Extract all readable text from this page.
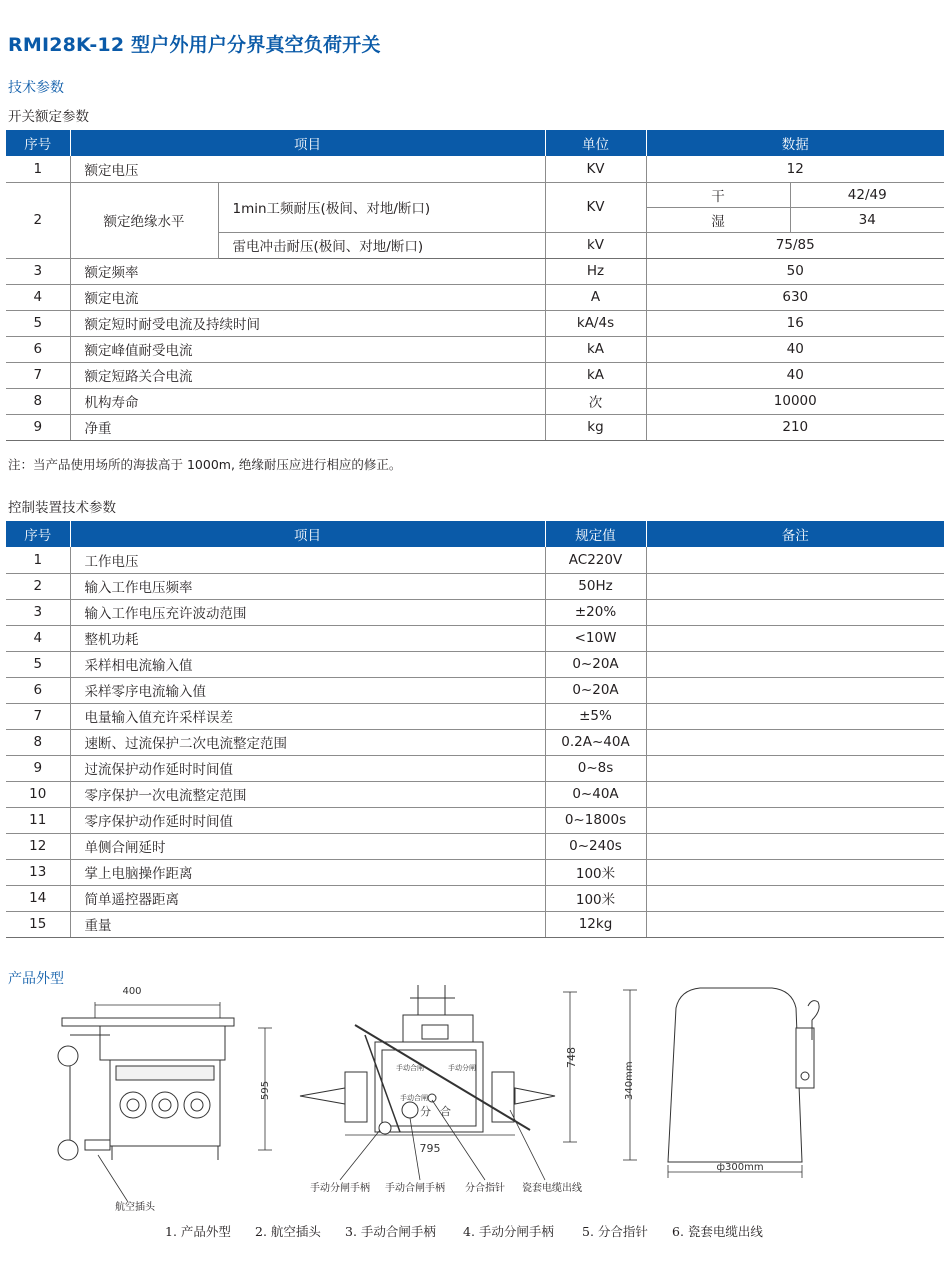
RMI28K-12 型户外用户分界真空负荷开关
技术参数
开关额定参数
序号	项目		单位	数据	
1	额定电压		KV	12	
2	额定绝缘水平	1min工频耐压(极间、对地/断口)	KV	干	42/49
				湿	34
		雷电冲击耐压(极间、对地/断口)	kV	75/85	
3	额定频率		Hz	50	
4	额定电流		A	630	
5	额定短时耐受电流及持续时间		kA/4s	16	
6	额定峰值耐受电流		kA	40	
7	额定短路关合电流		kA	40	
8	机构寿命		次	10000	
9	净重		kg	210	
注：当产品使用场所的海拔高于 1000m, 绝缘耐压应进行相应的修正。
控制装置技术参数
序号	项目	规定值	备注
1	工作电压	AC220V	
2	输入工作电压频率	50Hz	
3	输入工作电压充许波动范围	±20%	
4	整机功耗	<10W	
5	采样相电流输入值	0~20A	
6	采样零序电流输入值	0~20A	
7	电量输入值充许采样误差	±5%	
8	速断、过流保护二次电流整定范围	0.2A~40A	
9	过流保护动作延时时间值	0~8s	
10	零序保护一次电流整定范围	0~40A	
11	零序保护动作延时时间值	0~1800s	
12	单侧合闸延时	0~240s	
13	掌上电脑操作距离	100米	
14	简单遥控器距离	100米	
15	重量	12kg	
产品外型
400
595
航空插头
手动合闸	手动分闸
手动合闸
分 合
795
748
手动分闸手柄 手动合闸手柄 分合指针 瓷套电缆出线
340mm
ф300mm
1. 产品外型 2. 航空插头 3. 手动合闸手柄 4. 手动分闸手柄 5. 分合指针 6. 瓷套电缆出线
